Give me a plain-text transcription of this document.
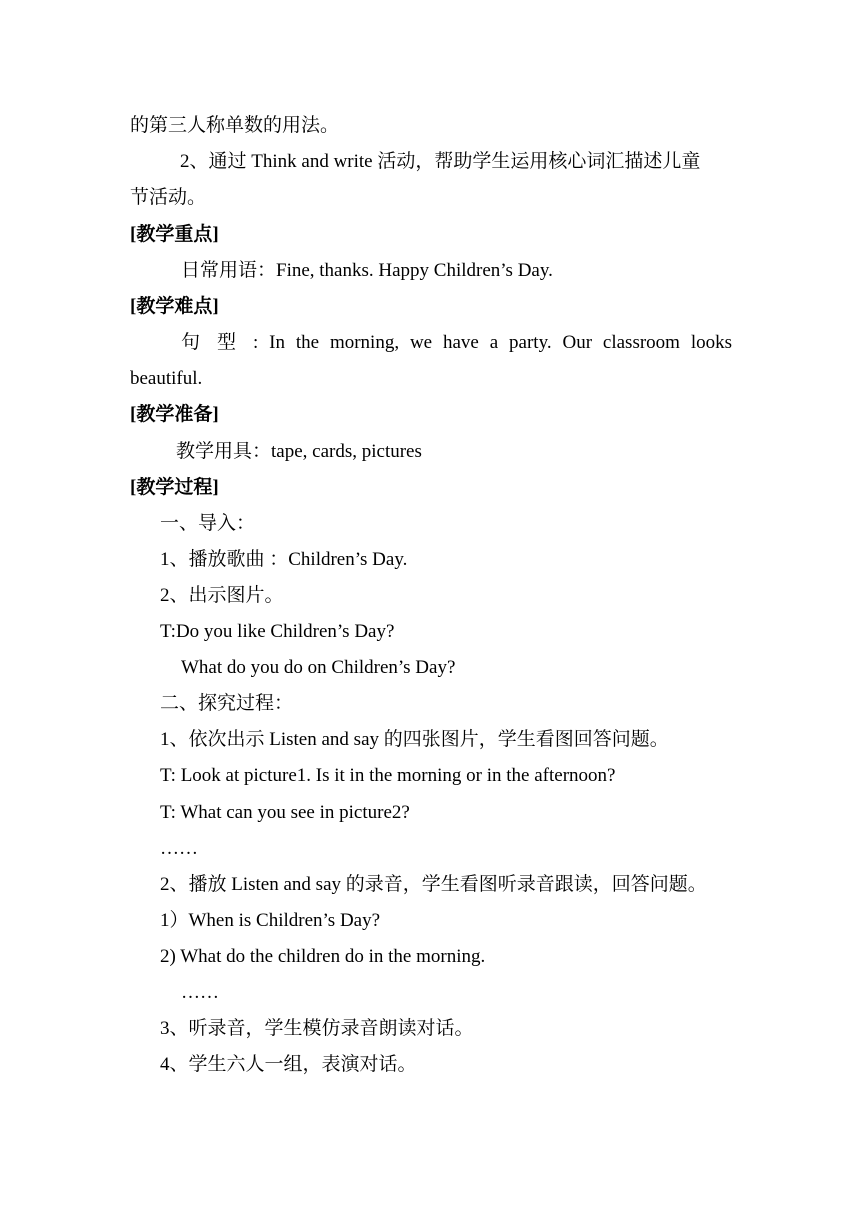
的第三人称单数的用法。
2、通过 Think and write 活动，帮助学生运用核心词汇描述儿童
节活动。
[教学重点]
日常用语：Fine, thanks. Happy Children’s Day.
[教学难点]
句 型 : In the morning, we have a party. Our classroom looks
beautiful.
[教学准备]
教学用具：tape, cards, pictures
[教学过程]
一、导入：
1、播放歌曲 ：Children’s Day.
2、出示图片。
T:Do you like Children’s Day?
What do you do on Children’s Day?
二、探究过程：
1、依次出示 Listen and say 的四张图片，学生看图回答问题。
T: Look at picture1. Is it in the morning or in the afternoon?
T: What can you see in picture2?
……
2、播放 Listen and say 的录音，学生看图听录音跟读，回答问题。
1）When is Children’s Day?
2) What do the children do in the morning.
……
3、听录音，学生模仿录音朗读对话。
4、学生六人一组，表演对话。
